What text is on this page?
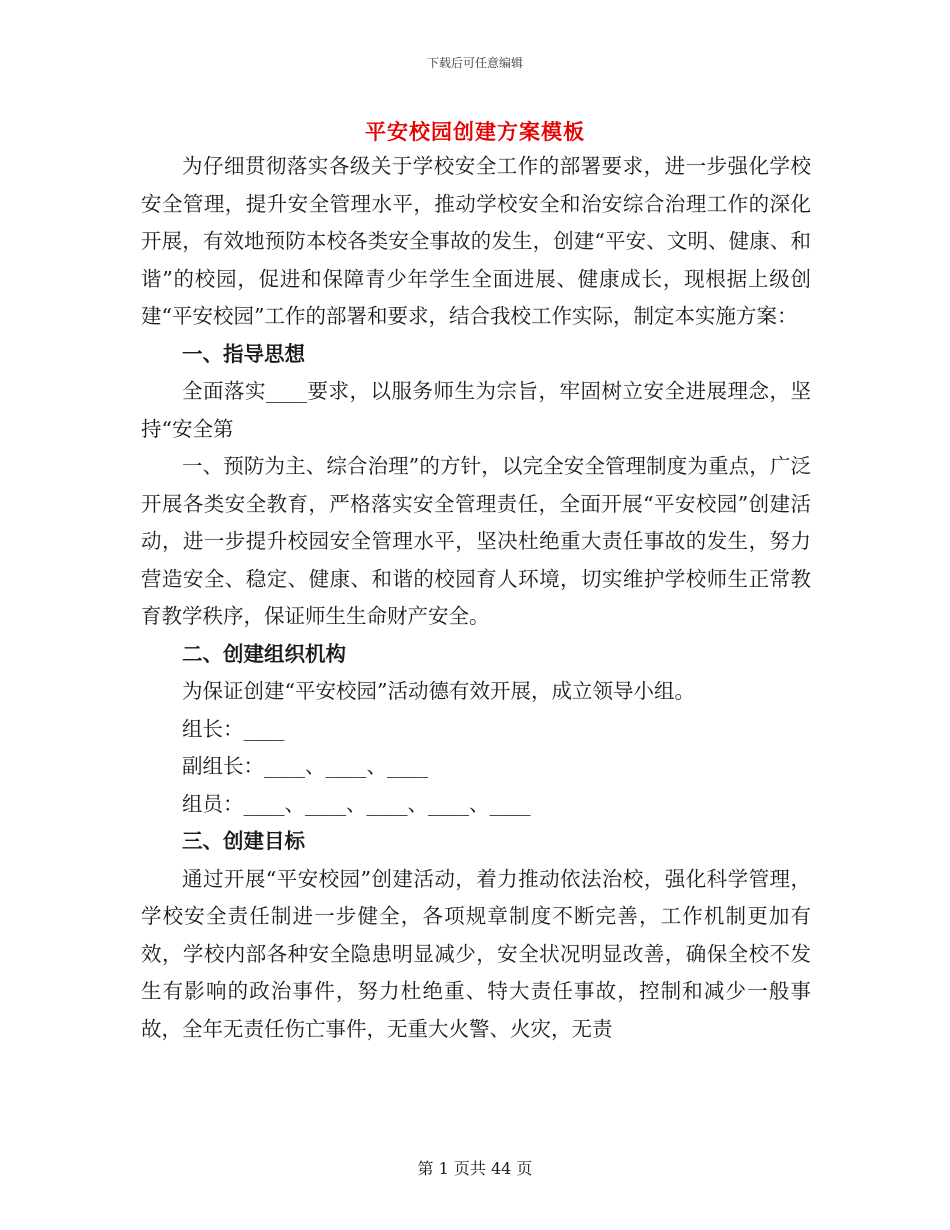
下载后可任意编辑
平安校园创建方案模板

为仔细贯彻落实各级关于学校安全工作的部署要求，进一步强化学校安全管理，提升安全管理水平，推动学校安全和治安综合治理工作的深化开展，有效地预防本校各类安全事故的发生，创建“平安、文明、健康、和谐”的校园，促进和保障青少年学生全面进展、健康成长，现根据上级创建“平安校园”工作的部署和要求，结合我校工作实际，制定本实施方案：

一、指导思想

全面落实____要求，以服务师生为宗旨，牢固树立安全进展理念，坚持“安全第

一、预防为主、综合治理”的方针，以完全安全管理制度为重点，广泛开展各类安全教育，严格落实安全管理责任，全面开展“平安校园”创建活动，进一步提升校园安全管理水平，坚决杜绝重大责任事故的发生，努力营造安全、稳定、健康、和谐的校园育人环境，切实维护学校师生正常教育教学秩序，保证师生生命财产安全。

二、创建组织机构

为保证创建“平安校园”活动德有效开展，成立领导小组。

组长：____

副组长：____、____、____

组员：____、____、____、____、____

三、创建目标

通过开展“平安校园”创建活动，着力推动依法治校，强化科学管理，学校安全责任制进一步健全，各项规章制度不断完善，工作机制更加有效，学校内部各种安全隐患明显减少，安全状况明显改善，确保全校不发生有影响的政治事件，努力杜绝重、特大责任事故，控制和减少一般事故，全年无责任伤亡事件，无重大火警、火灾，无责

第 1 页共 44 页
